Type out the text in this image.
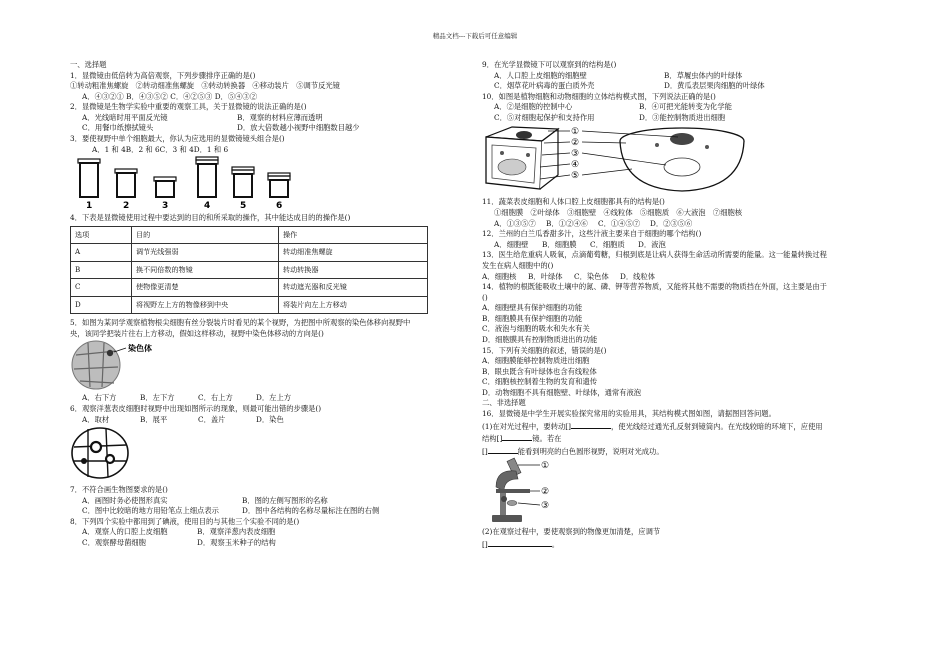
精品文档---下载后可任意编辑
一、选择题
1．显微镜由低倍转为高倍观察，下列步骤排序正确的是()
①转动粗准焦螺旋　②转动细准焦螺旋　③转动转换器　④移动装片　⑤调节反光镜
A．④③②① B．④③⑤② C．④②⑤③ D．⑤④③②
2．显微镜是生物学实验中重要的观察工具，关于显微镜的说法正确的是()
A．光线暗时用平面反光镜	B．观察的材料应薄而透明
C．用餐巾纸擦拭镜头	D．放大倍数越小视野中细胞数目越少
3．要使视野中单个细胞最大，你认为应选用的显微镜镜头组合是()
A．1 和 4B．2 和 6C．3 和 4D．1 和 6
1	2	3	4	5	6
4．下表是显微镜使用过程中要达到的目的和所采取的操作，其中能达成目的的操作是()
选项	目的	操作
A	调节光线强弱	转动细准焦螺旋
B	换不同倍数的物镜	转动转换器
C	使物像更清楚	转动遮光器和反光镜
D	将视野左上方的物像移到中央	将装片向左上方移动
5．如图为某同学观察植物根尖细胞有丝分裂装片时看见的某个视野，为把图中所观察的染色体移向视野中
央，该同学把装片往右上方移动，假如这样移动，视野中染色体移动的方向是()
染色体
A．右下方	B．左下方	C．右上方	D．左上方
6．观察洋葱表皮细胞时视野中出现如图所示的现象，则最可能出错的步骤是()
A．取材	B．展平	C．盖片	D．染色
7．不符合画生物图要求的是()
A．画图时务必使图形真实	B．图的左侧写图形的名称
C．图中比较暗的地方用铅笔点上细点表示	D．图中各结构的名称尽量标注在图的右侧
8．下列四个实验中都用到了碘液，使用目的与其他三个实验不同的是()
A．观察人的口腔上皮细胞	B．观察洋葱内表皮细胞
C．观察酵母菌细胞	D．观察玉米种子的结构
9．在光学显微镜下可以观察到的结构是()
A．人口腔上皮细胞的细胞壁	B．草履虫体内的叶绿体
C．烟草花叶病毒的蛋白质外壳	D．黄瓜表层果肉细胞的叶绿体
10．如图是植物细胞和动物细胞的立体结构模式图，下列说法正确的是()
A．②是细胞的控制中心	B．④可把光能转变为化学能
C．⑤对细胞起保护和支持作用	D．③能控制物质进出细胞
①
②
③
④
⑤
11．蔬菜表皮细胞和人体口腔上皮细胞都具有的结构是()
①细胞膜　②叶绿体　③细胞壁　④线粒体　⑤细胞质　⑥大液泡　⑦细胞核
A．①③⑤⑦ B．①②④⑥ C．①④⑤⑦ D．②③⑤⑥
12．兰州的白兰瓜香甜多汁，这些汁液主要来自于细胞的哪个结构()
A．细胞壁 B．细胞膜 C．细胞质 D．液泡
13．医生给危重病人吸氧，点滴葡萄糖，归根到底是让病人获得生命活动所需要的能量。这一能量转换过程
发生在病人细胞中的()
A．细胞核 B．叶绿体 C．染色体 D．线粒体
14．植物的根既能吸收土壤中的氮、磷、钾等营养物质，又能将其他不需要的物质挡在外面，这主要是由于
()
A．细胞壁具有保护细胞的功能
B．细胞膜具有保护细胞的功能
C．液泡与细胞的吸水和失水有关
D．细胞膜具有控制物质进出的功能
15．下列有关细胞的叙述，错误的是()
A．细胞膜能够控制物质进出细胞
B．眼虫既含有叶绿体也含有线粒体
C．细胞核控制着生物的发育和遗传
D．动物细胞不具有细胞壁、叶绿体，通常有液泡
二、非选择题
16．显微镜是中学生开展实验探究常用的实验用具，其结构模式图如图，请据图回答问题。
(1)在对光过程中，要转动[]	，使光线经过通光孔反射到镜筒内。在光线较暗的环境下，应使用
结构[]	镜。若在
[]	能看到明亮的白色圆形视野，说明对光成功。
①
②
③
(2)在观察过程中，要使观察到的物像更加清楚，应调节
[]	。
